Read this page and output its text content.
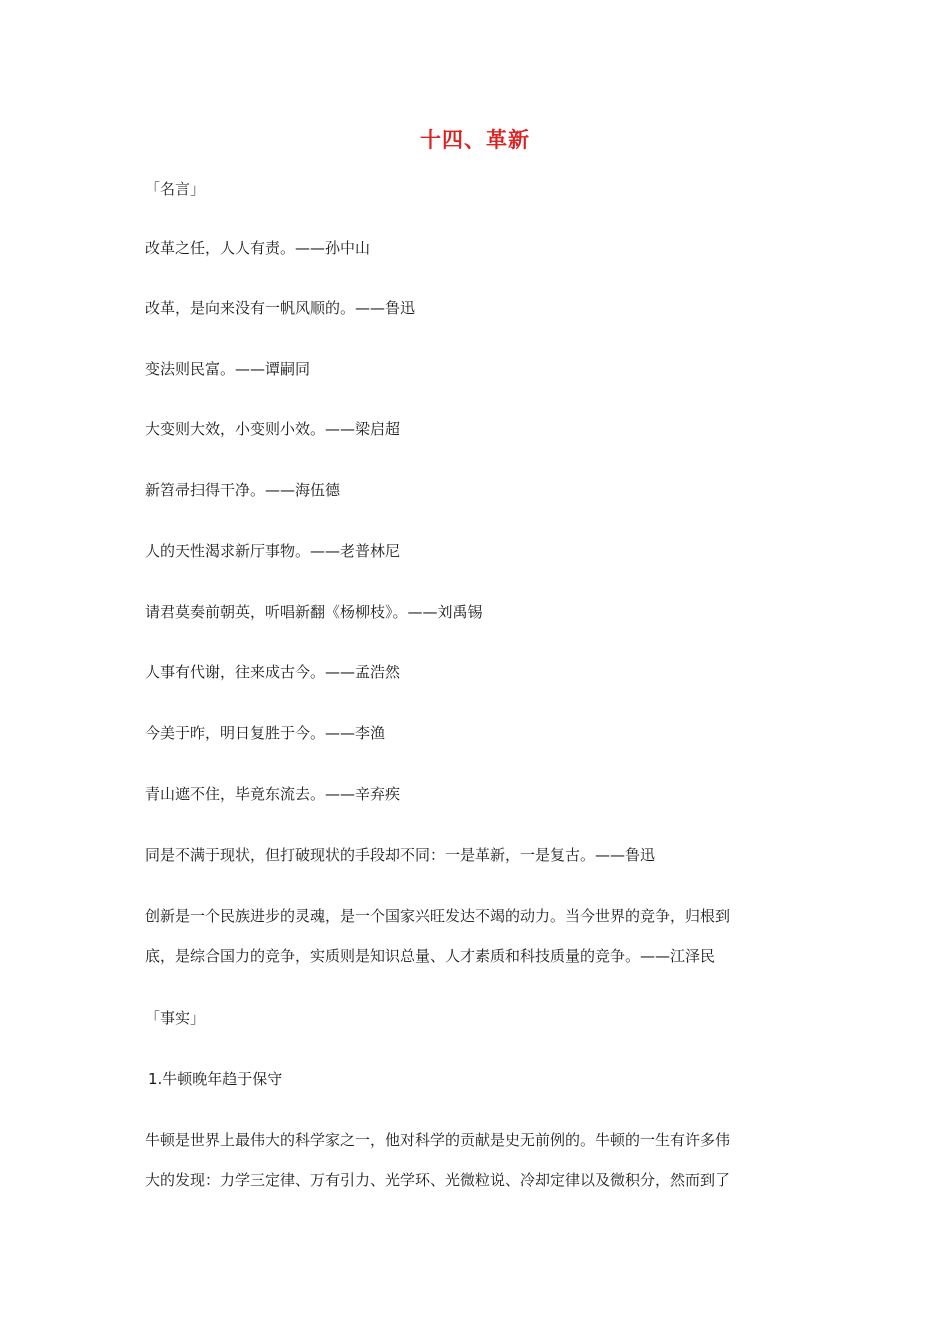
十四、革新
「名言」
改革之任，人人有责。——孙中山
改革，是向来没有一帆风顺的。——鲁迅
变法则民富。——谭嗣同
大变则大效，小变则小效。——梁启超
新笤帚扫得干净。——海伍德
人的天性渴求新厅事物。——老普林尼
请君莫奏前朝英，听唱新翻《杨柳枝》。——刘禹锡
人事有代谢，往来成古今。——孟浩然
今美于昨，明日复胜于今。——李渔
青山遮不住，毕竟东流去。——辛弃疾
同是不满于现状，但打破现状的手段却不同：一是革新，一是复古。——鲁迅
创新是一个民族进步的灵魂，是一个国家兴旺发达不竭的动力。当今世界的竞争，归根到
底，是综合国力的竞争，实质则是知识总量、人才素质和科技质量的竞争。——江泽民
「事实」
1.牛顿晚年趋于保守
牛顿是世界上最伟大的科学家之一，他对科学的贡献是史无前例的。牛顿的一生有许多伟
大的发现：力学三定律、万有引力、光学环、光微粒说、冷却定律以及微积分，然而到了
